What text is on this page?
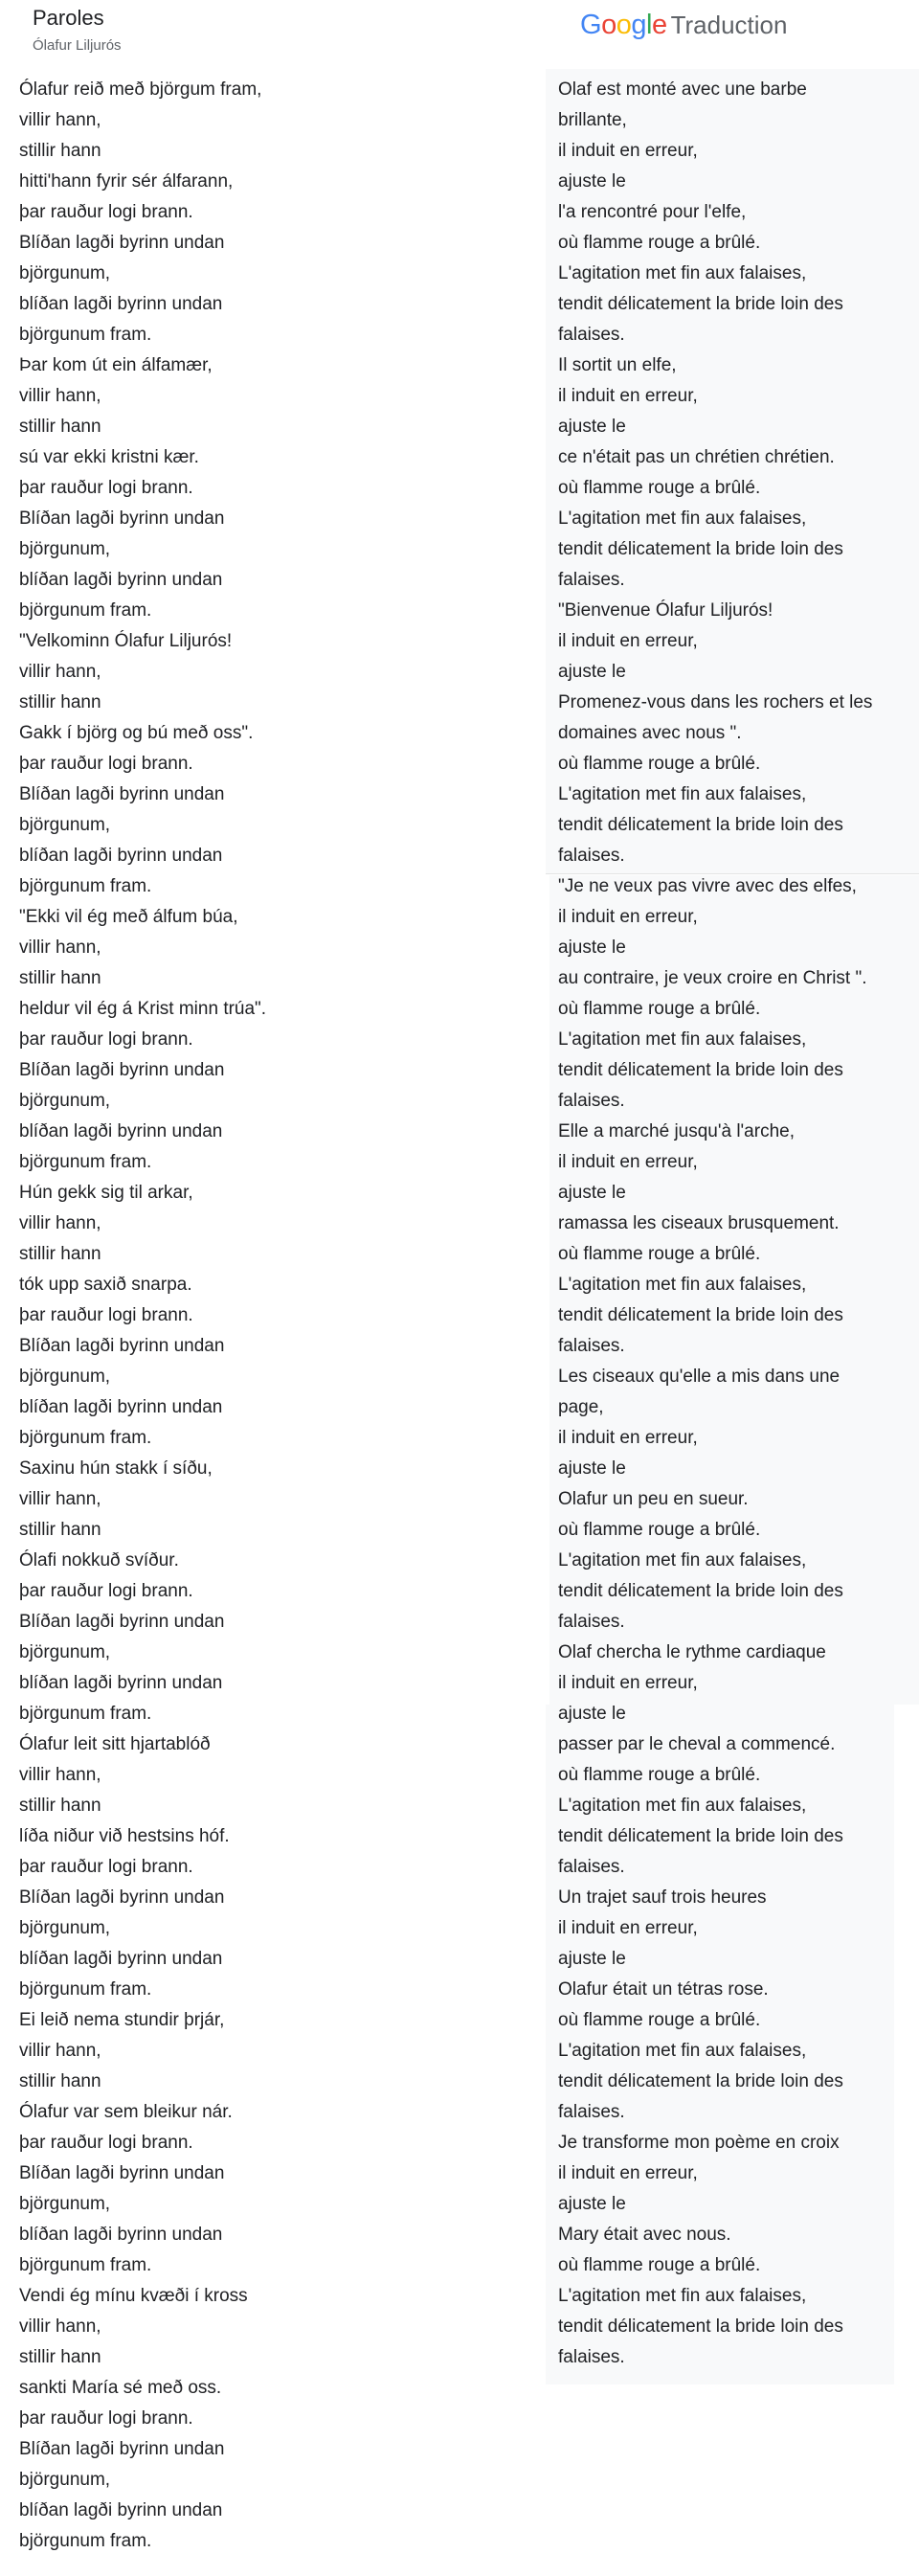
Paroles
Ólafur Liljurós
Google Traduction
Ólafur reið með björgum fram,
villir hann,
stillir hann
hitti'hann fyrir sér álfarann,
þar rauður logi brann.
Blíðan lagði byrinn undan
björgunum,
blíðan lagði byrinn undan
björgunum fram.
Þar kom út ein álfamær,
villir hann,
stillir hann
sú var ekki kristni kær.
þar rauður logi brann.
Blíðan lagði byrinn undan
björgunum,
blíðan lagði byrinn undan
björgunum fram.
"Velkominn Ólafur Liljurós!
villir hann,
stillir hann
Gakk í björg og bú með oss".
þar rauður logi brann.
Blíðan lagði byrinn undan
björgunum,
blíðan lagði byrinn undan
björgunum fram.
"Ekki vil ég með álfum búa,
villir hann,
stillir hann
heldur vil ég á Krist minn trúa".
þar rauður logi brann.
Blíðan lagði byrinn undan
björgunum,
blíðan lagði byrinn undan
björgunum fram.
Hún gekk sig til arkar,
villir hann,
stillir hann
tók upp saxið snarpa.
þar rauður logi brann.
Blíðan lagði byrinn undan
björgunum,
blíðan lagði byrinn undan
björgunum fram.
Saxinu hún stakk í síðu,
villir hann,
stillir hann
Ólafi nokkuð svíður.
þar rauður logi brann.
Blíðan lagði byrinn undan
björgunum,
blíðan lagði byrinn undan
björgunum fram.
Ólafur leit sitt hjartablóð
villir hann,
stillir hann
líða niður við hestsins hóf.
þar rauður logi brann.
Blíðan lagði byrinn undan
björgunum,
blíðan lagði byrinn undan
björgunum fram.
Ei leið nema stundir þrjár,
villir hann,
stillir hann
Ólafur var sem bleikur nár.
þar rauður logi brann.
Blíðan lagði byrinn undan
björgunum,
blíðan lagði byrinn undan
björgunum fram.
Vendi ég mínu kvæði í kross
villir hann,
stillir hann
sankti María sé með oss.
þar rauður logi brann.
Blíðan lagði byrinn undan
björgunum,
blíðan lagði byrinn undan
björgunum fram.
Olaf est monté avec une barbe
brillante,
il induit en erreur,
ajuste le
l'a rencontré pour l'elfe,
où flamme rouge a brûlé.
L'agitation met fin aux falaises,
tendit délicatement la bride loin des
falaises.
Il sortit un elfe,
il induit en erreur,
ajuste le
ce n'était pas un chrétien chrétien.
où flamme rouge a brûlé.
L'agitation met fin aux falaises,
tendit délicatement la bride loin des
falaises.
"Bienvenue Ólafur Liljurós!
il induit en erreur,
ajuste le
Promenez-vous dans les rochers et les
domaines avec nous ".
où flamme rouge a brûlé.
L'agitation met fin aux falaises,
tendit délicatement la bride loin des
falaises.
"Je ne veux pas vivre avec des elfes,
il induit en erreur,
ajuste le
au contraire, je veux croire en Christ ".
où flamme rouge a brûlé.
L'agitation met fin aux falaises,
tendit délicatement la bride loin des
falaises.
Elle a marché jusqu'à l'arche,
il induit en erreur,
ajuste le
ramassa les ciseaux brusquement.
où flamme rouge a brûlé.
L'agitation met fin aux falaises,
tendit délicatement la bride loin des
falaises.
Les ciseaux qu'elle a mis dans une
page,
il induit en erreur,
ajuste le
Olafur un peu en sueur.
où flamme rouge a brûlé.
L'agitation met fin aux falaises,
tendit délicatement la bride loin des
falaises.
Olaf chercha le rythme cardiaque
il induit en erreur,
ajuste le
passer par le cheval a commencé.
où flamme rouge a brûlé.
L'agitation met fin aux falaises,
tendit délicatement la bride loin des
falaises.
Un trajet sauf trois heures
il induit en erreur,
ajuste le
Olafur était un tétras rose.
où flamme rouge a brûlé.
L'agitation met fin aux falaises,
tendit délicatement la bride loin des
falaises.
Je transforme mon poème en croix
il induit en erreur,
ajuste le
Mary était avec nous.
où flamme rouge a brûlé.
L'agitation met fin aux falaises,
tendit délicatement la bride loin des
falaises.
